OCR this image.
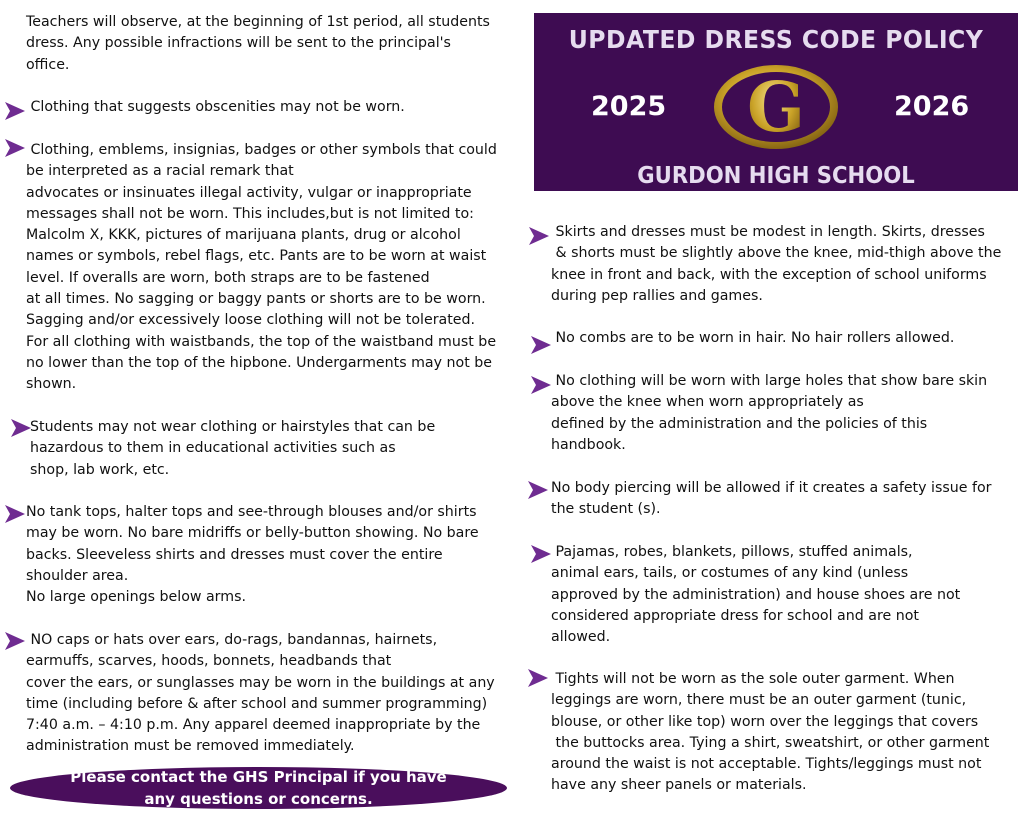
Teachers will observe, at the beginning of 1st period, all students
dress. Any possible infractions will be sent to the principal's
office.
Clothing that suggests obscenities may not be worn.
Clothing, emblems, insignias, badges or other symbols that could
be interpreted as a racial remark that
advocates or insinuates illegal activity, vulgar or inappropriate
messages shall not be worn. This includes,but is not limited to:
Malcolm X, KKK, pictures of marijuana plants, drug or alcohol
names or symbols, rebel flags, etc. Pants are to be worn at waist
level. If overalls are worn, both straps are to be fastened
at all times. No sagging or baggy pants or shorts are to be worn.
Sagging and/or excessively loose clothing will not be tolerated.
For all clothing with waistbands, the top of the waistband must be
no lower than the top of the hipbone. Undergarments may not be
shown.
Students may not wear clothing or hairstyles that can be
hazardous to them in educational activities such as
shop, lab work, etc.
No tank tops, halter tops and see-through blouses and/or shirts
may be worn. No bare midriffs or belly-button showing. No bare
backs. Sleeveless shirts and dresses must cover the entire
shoulder area.
No large openings below arms.
NO caps or hats over ears, do-rags, bandannas, hairnets,
earmuffs, scarves, hoods, bonnets, headbands that
cover the ears, or sunglasses may be worn in the buildings at any
time (including before & after school and summer programming)
7:40 a.m. – 4:10 p.m. Any apparel deemed inappropriate by the
administration must be removed immediately.
Please contact the GHS Principal if you have
any questions or concerns.
UPDATED DRESS CODE POLICY
2025	2026
G
GURDON HIGH SCHOOL
Skirts and dresses must be modest in length. Skirts, dresses
& shorts must be slightly above the knee, mid-thigh above the
knee in front and back, with the exception of school uniforms
during pep rallies and games.
No combs are to be worn in hair. No hair rollers allowed.
No clothing will be worn with large holes that show bare skin
above the knee when worn appropriately as
defined by the administration and the policies of this
handbook.
No body piercing will be allowed if it creates a safety issue for
the student (s).
Pajamas, robes, blankets, pillows, stuffed animals,
animal ears, tails, or costumes of any kind (unless
approved by the administration) and house shoes are not
considered appropriate dress for school and are not
allowed.
Tights will not be worn as the sole outer garment. When
leggings are worn, there must be an outer garment (tunic,
blouse, or other like top) worn over the leggings that covers
the buttocks area. Tying a shirt, sweatshirt, or other garment
around the waist is not acceptable. Tights/leggings must not
have any sheer panels or materials.
